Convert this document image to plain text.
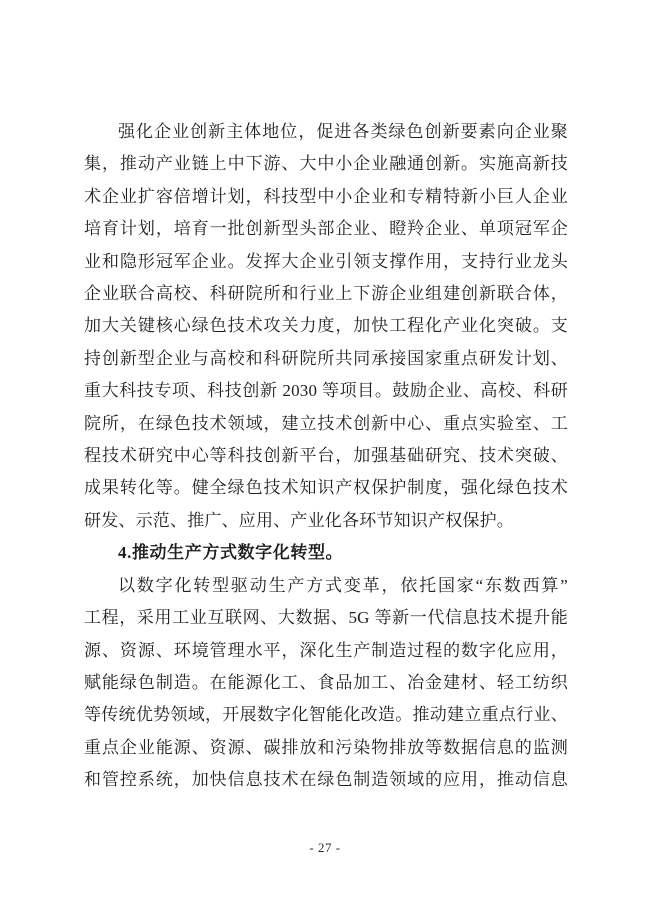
强化企业创新主体地位，促进各类绿色创新要素向企业聚
集，推动产业链上中下游、大中小企业融通创新。实施高新技
术企业扩容倍增计划，科技型中小企业和专精特新小巨人企业
培育计划，培育一批创新型头部企业、瞪羚企业、单项冠军企
业和隐形冠军企业。发挥大企业引领支撑作用，支持行业龙头
企业联合高校、科研院所和行业上下游企业组建创新联合体，
加大关键核心绿色技术攻关力度，加快工程化产业化突破。支
持创新型企业与高校和科研院所共同承接国家重点研发计划、
重大科技专项、科技创新 2030 等项目。鼓励企业、高校、科研
院所，在绿色技术领域，建立技术创新中心、重点实验室、工
程技术研究中心等科技创新平台，加强基础研究、技术突破、
成果转化等。健全绿色技术知识产权保护制度，强化绿色技术
研发、示范、推广、应用、产业化各环节知识产权保护。
4.推动生产方式数字化转型。
以数字化转型驱动生产方式变革，依托国家“东数西算”
工程，采用工业互联网、大数据、5G 等新一代信息技术提升能
源、资源、环境管理水平，深化生产制造过程的数字化应用，
赋能绿色制造。在能源化工、食品加工、冶金建材、轻工纺织
等传统优势领域，开展数字化智能化改造。推动建立重点行业、
重点企业能源、资源、碳排放和污染物排放等数据信息的监测
和管控系统，加快信息技术在绿色制造领域的应用，推动信息
- 27 -
